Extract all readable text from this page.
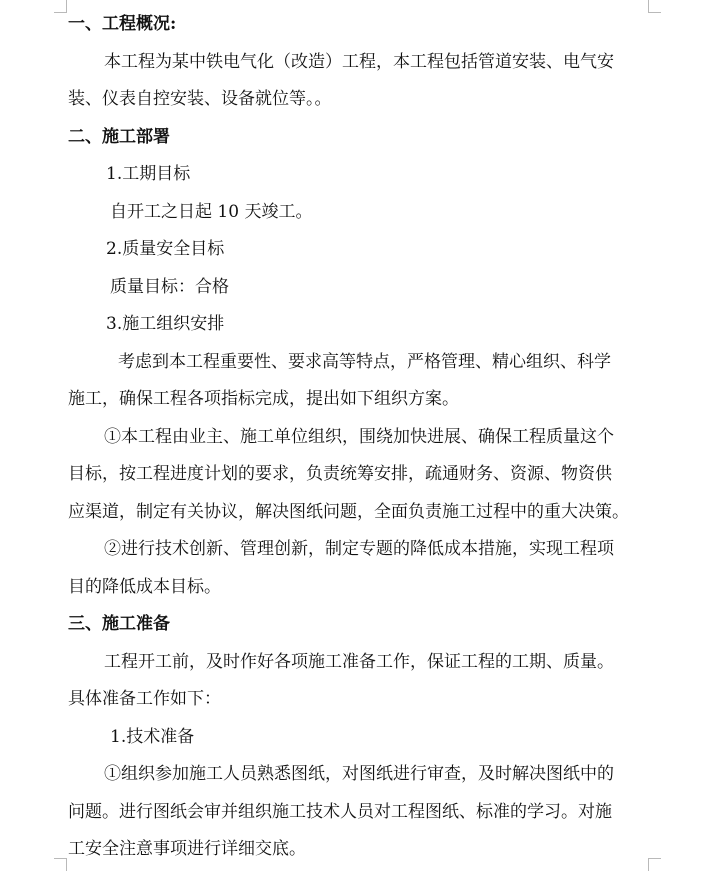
一、工程概况:

本工程为某中铁电气化（改造）工程，本工程包括管道安装、电气安

装、仪表自控安装、设备就位等。。

二、施工部署

1.工期目标

自开工之日起 10 天竣工。

2.质量安全目标

质量目标：合格

3.施工组织安排

考虑到本工程重要性、要求高等特点，严格管理、精心组织、科学

施工，确保工程各项指标完成，提出如下组织方案。

①本工程由业主、施工单位组织，围绕加快进展、确保工程质量这个

目标，按工程进度计划的要求，负责统筹安排，疏通财务、资源、物资供

应渠道，制定有关协议，解决图纸问题，全面负责施工过程中的重大决策。

②进行技术创新、管理创新，制定专题的降低成本措施，实现工程项

目的降低成本目标。

三、施工准备

工程开工前，及时作好各项施工准备工作，保证工程的工期、质量。

具体准备工作如下：

1.技术准备

①组织参加施工人员熟悉图纸，对图纸进行审查，及时解决图纸中的

问题。进行图纸会审并组织施工技术人员对工程图纸、标准的学习。对施

工安全注意事项进行详细交底。
